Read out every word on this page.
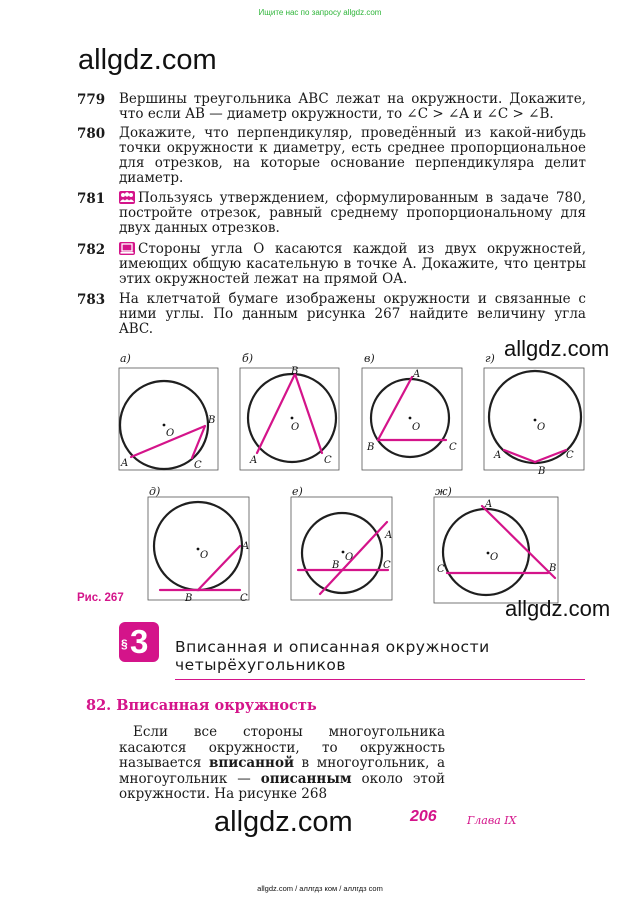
Ищите нас по запросу allgdz.com
allgdz.com
779 Вершины треугольника ABC лежат на окружности. Докажите, что если AB — диаметр окружности, то ∠C > ∠A и ∠C > ∠B.
780 Докажите, что перпендикуляр, проведённый из какой-нибудь точки окружности к диаметру, есть среднее пропорциональное для отрезков, на которые основание перпендикуляра делит диаметр.
781	Пользуясь утверждением, сформулированным в задаче 780, постройте отрезок, равный среднему пропорциональному для двух данных отрезков.
782	Стороны угла O касаются каждой из двух окружностей, имеющих общую касательную в точке A. Докажите, что центры этих окружностей лежат на прямой OA.
783 На клетчатой бумаге изображены окружности и связанные с ними углы. По данным рисунка 267 найдите величину угла ABC.
allgdz.com
а)	б)	в)	г)
д)	е)	ж)
O
A
B
C
O
A
B
C
O
A
B	C
O
A
B
C
O
A
B	C
O
A
B	C
O
A
B
C
Рис. 267	allgdz.com
§ 3 Вписанная и описанная окружности
четырёхугольников
82. Вписанная окружность
Если все стороны многоугольника касаются окружности, то окружность называется вписанной в многоугольник, а многоугольник — описанным около этой окружности. На рисунке 268
allgdz.com	206	Глава IX
allgdz.com / аллгдз ком / аллгдз com
